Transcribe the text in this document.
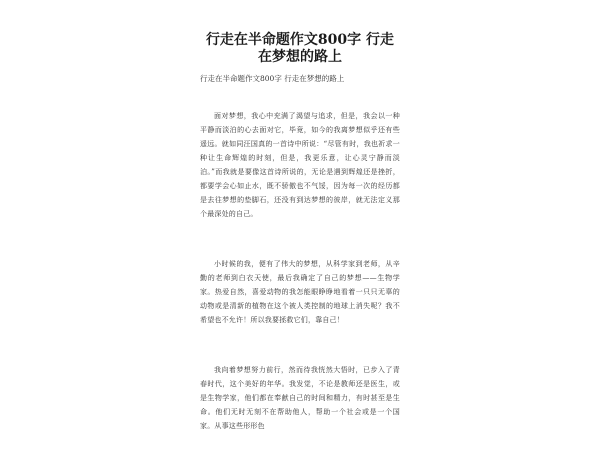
行走在半命题作文800字 行走在梦想的路上
行走在半命题作文800字 行走在梦想的路上

面对梦想，我心中充满了渴望与追求，但是，我会以一种平静而淡泊的心去面对它，毕竟，如今的我离梦想似乎还有些遥远。就如同汪国真的一首诗中所说：“尽管有时，我也祈求一种让生命辉煌的时刻，但是，我更乐意，让心灵宁静而淡泊。”而我就是要像这首诗所说的，无论是遇到辉煌还是挫折，都要学会心如止水，既不骄傲也不气馁，因为每一次的经历都是去往梦想的垫脚石，还没有到达梦想的彼岸，就无法定义那个最深处的自己。

小时候的我，便有了伟大的梦想，从科学家到老师，从辛勤的老师到白衣天使，最后我确定了自己的梦想——生物学家。热爱自然，喜爱动物的我怎能眼睁睁地看着一只只无辜的动物或是清新的植物在这个被人类控制的地球上消失呢？我不希望也不允许！所以我要拯救它们，靠自己！

我向着梦想努力前行，然而待我恍然大悟时，已步入了青春时代，这个美好的年华。我发觉，不论是教师还是医生，或是生物学家，他们都在奉献自己的时间和精力，有时甚至是生命。他们无时无刻不在帮助他人，帮助一个社会或是一个国家。从事这些形形色
